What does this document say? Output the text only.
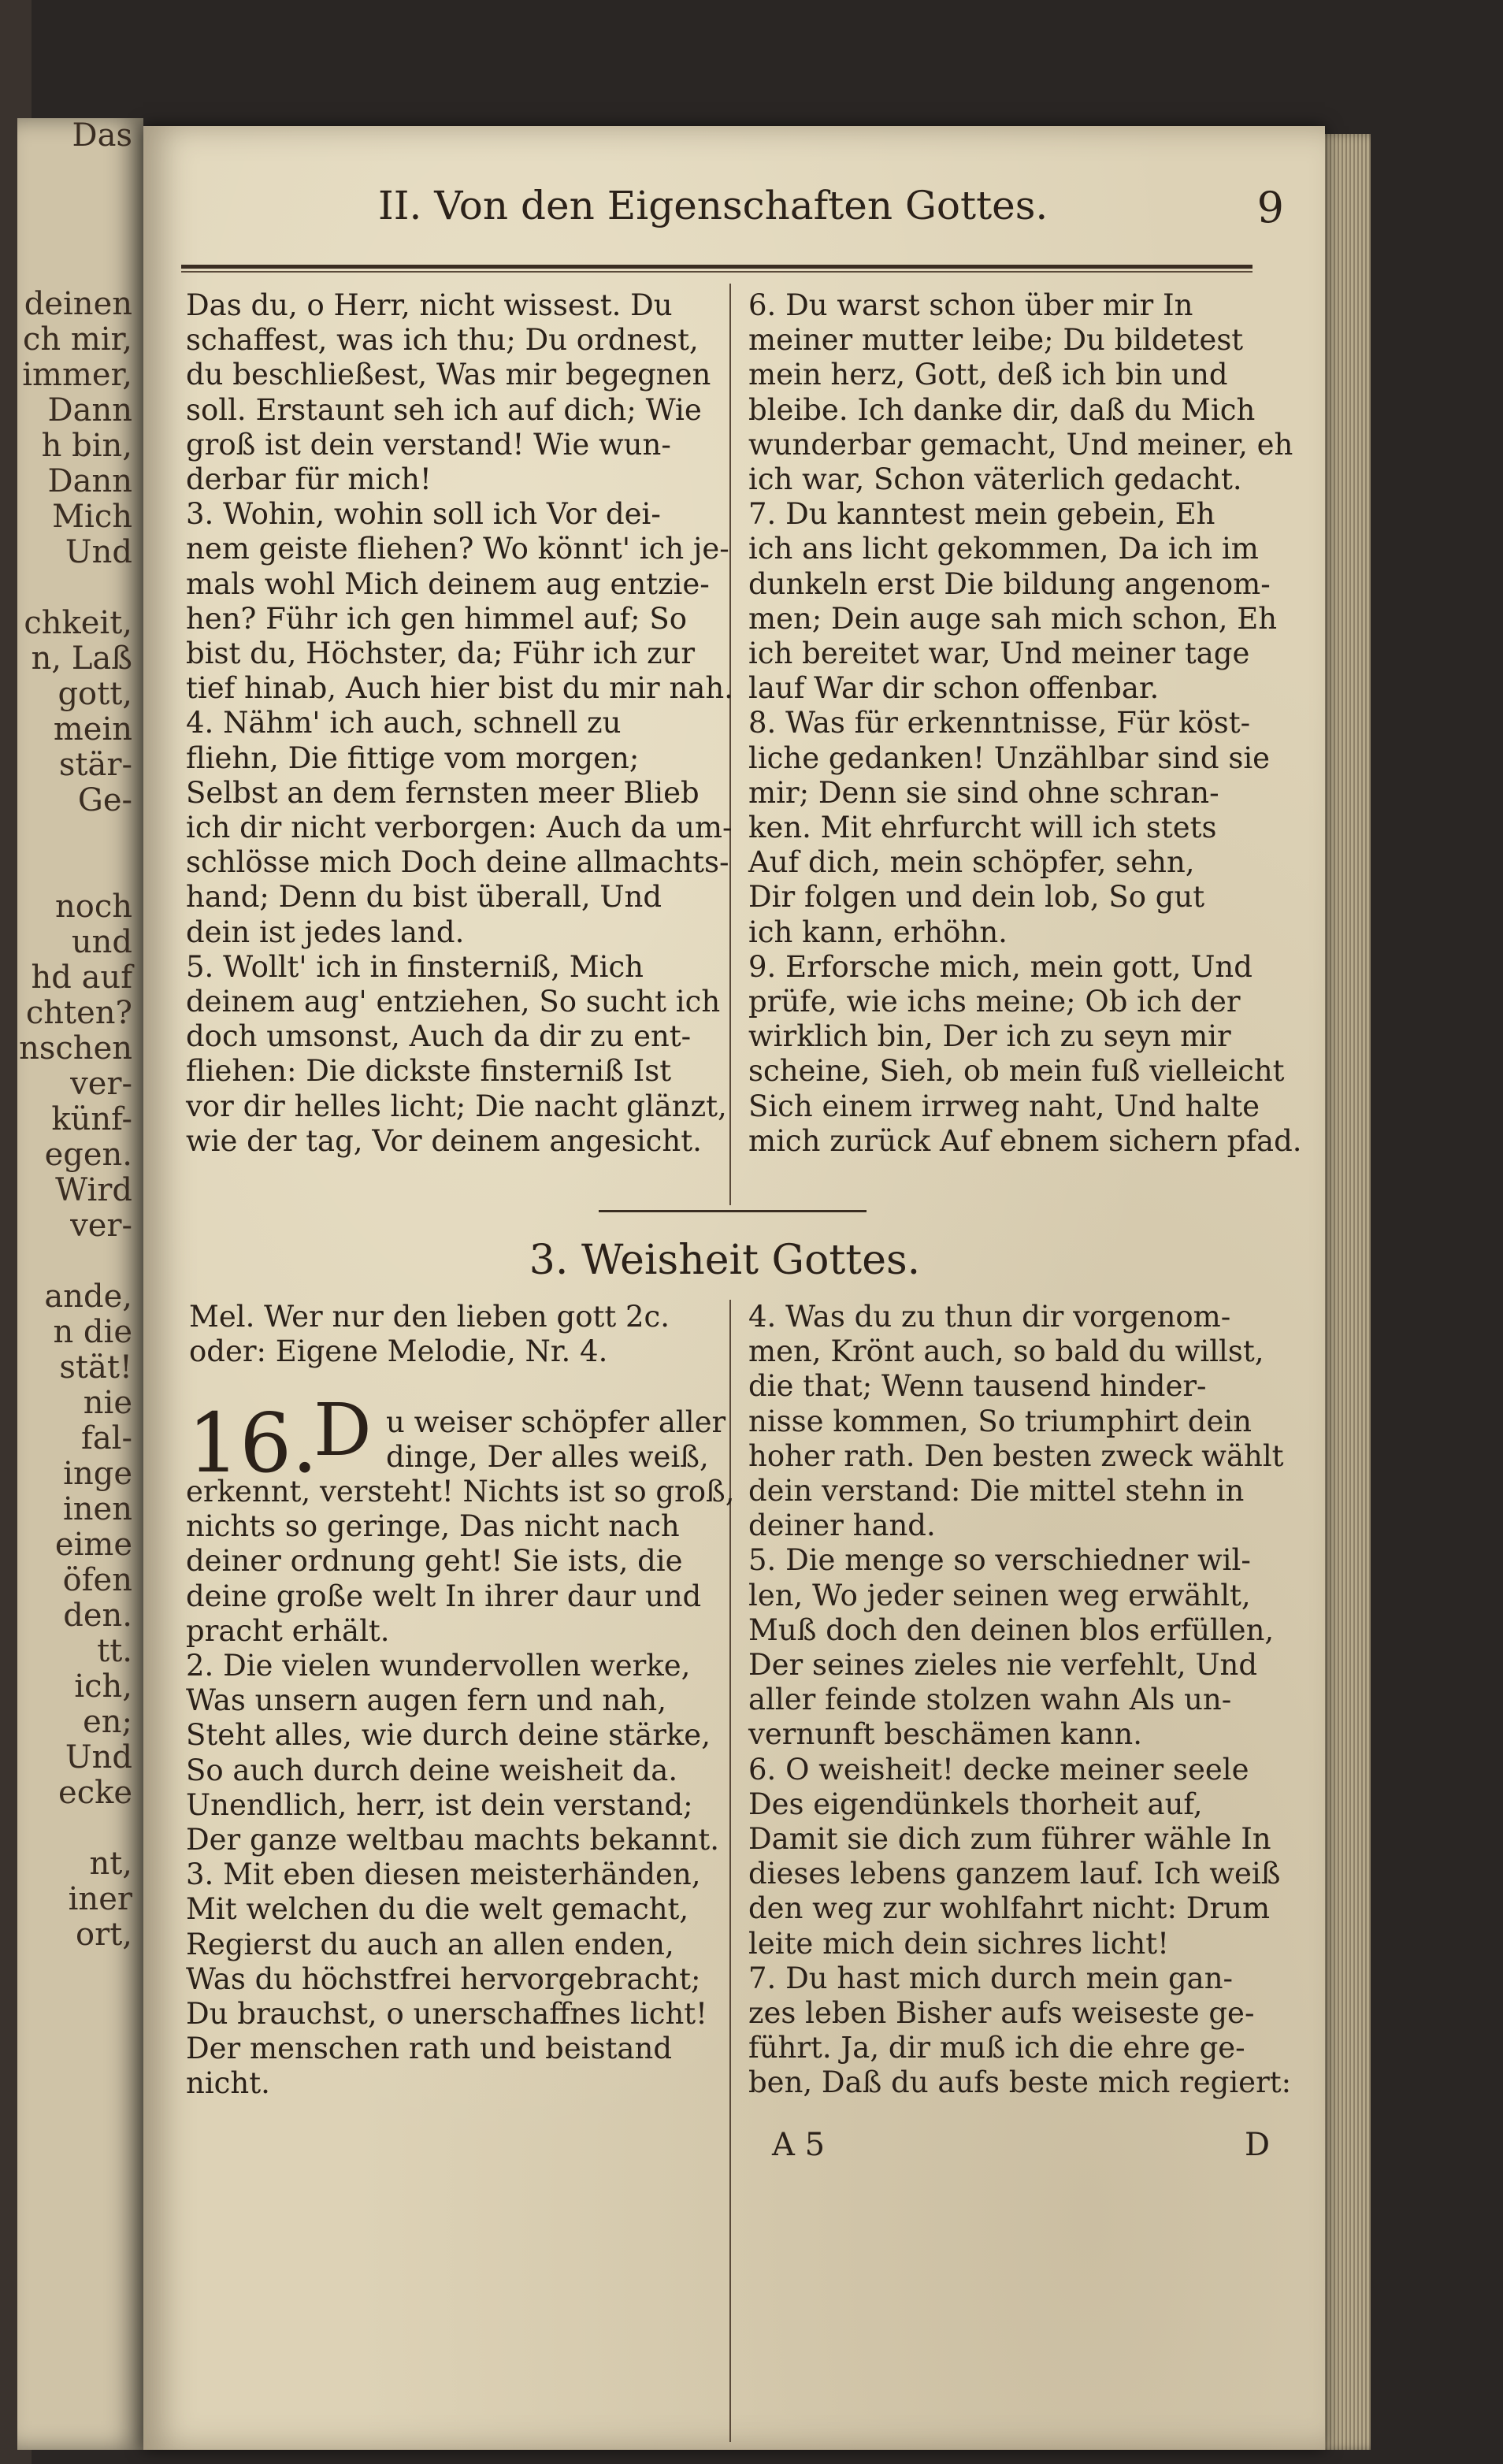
deinen
ch mir,
immer,
Dann
h bin,
Dann
Mich
Und
chkeit,
n, Laß
gott,
mein
stär-
Ge-
noch
und
hd auf
chten?
nschen
ver-
künf-
egen.
Wird
ver-
ande,
n die
stät!
nie
fal-
inge
inen
eime
öfen
den.
tt.
ich,
en;
Und
ecke
nt,
iner
ort,
Das
II. Von den Eigenschaften Gottes.	9

Das du, o Herr, nicht wissest. Du

schaffest, was ich thu; Du ordnest,

du beschließest, Was mir begegnen

soll. Erstaunt seh ich auf dich; Wie

groß ist dein verstand! Wie wun-

derbar für mich!

3. Wohin, wohin soll ich Vor dei-

nem geiste fliehen? Wo könnt' ich je-

mals wohl Mich deinem aug entzie-

hen? Führ ich gen himmel auf; So

bist du, Höchster, da; Führ ich zur

tief hinab, Auch hier bist du mir nah.

4. Nähm' ich auch, schnell zu

fliehn, Die fittige vom morgen;

Selbst an dem fernsten meer Blieb

ich dir nicht verborgen: Auch da um-

schlösse mich Doch deine allmachts-

hand; Denn du bist überall, Und

dein ist jedes land.

5. Wollt' ich in finsterniß, Mich

deinem aug' entziehen, So sucht ich

doch umsonst, Auch da dir zu ent-

fliehen: Die dickste finsterniß Ist

vor dir helles licht; Die nacht glänzt,

wie der tag, Vor deinem angesicht.

6. Du warst schon über mir In

meiner mutter leibe; Du bildetest

mein herz, Gott, deß ich bin und

bleibe. Ich danke dir, daß du Mich

wunderbar gemacht, Und meiner, eh

ich war, Schon väterlich gedacht.

7. Du kanntest mein gebein, Eh

ich ans licht gekommen, Da ich im

dunkeln erst Die bildung angenom-

men; Dein auge sah mich schon, Eh

ich bereitet war, Und meiner tage

lauf War dir schon offenbar.

8. Was für erkenntnisse, Für köst-

liche gedanken! Unzählbar sind sie

mir; Denn sie sind ohne schran-

ken. Mit ehrfurcht will ich stets

Auf dich, mein schöpfer, sehn,

Dir folgen und dein lob, So gut

ich kann, erhöhn.

9. Erforsche mich, mein gott, Und

prüfe, wie ichs meine; Ob ich der

wirklich bin, Der ich zu seyn mir

scheine, Sieh, ob mein fuß vielleicht

Sich einem irrweg naht, Und halte

mich zurück Auf ebnem sichern pfad.

3. Weisheit Gottes.

Mel. Wer nur den lieben gott 2c.

oder: Eigene Melodie, Nr. 4.

16.
D u weiser schöpfer aller

dinge, Der alles weiß,

erkennt, versteht! Nichts ist so groß,

nichts so geringe, Das nicht nach

deiner ordnung geht! Sie ists, die

deine große welt In ihrer daur und

pracht erhält.

2. Die vielen wundervollen werke,

Was unsern augen fern und nah,

Steht alles, wie durch deine stärke,

So auch durch deine weisheit da.

Unendlich, herr, ist dein verstand;

Der ganze weltbau machts bekannt.

3. Mit eben diesen meisterhänden,

Mit welchen du die welt gemacht,

Regierst du auch an allen enden,

Was du höchstfrei hervorgebracht;

Du brauchst, o unerschaffnes licht!

Der menschen rath und beistand

nicht.

4. Was du zu thun dir vorgenom-

men, Krönt auch, so bald du willst,

die that; Wenn tausend hinder-

nisse kommen, So triumphirt dein

hoher rath. Den besten zweck wählt

dein verstand: Die mittel stehn in

deiner hand.

5. Die menge so verschiedner wil-

len, Wo jeder seinen weg erwählt,

Muß doch den deinen blos erfüllen,

Der seines zieles nie verfehlt, Und

aller feinde stolzen wahn Als un-

vernunft beschämen kann.

6. O weisheit! decke meiner seele

Des eigendünkels thorheit auf,

Damit sie dich zum führer wähle In

dieses lebens ganzem lauf. Ich weiß

den weg zur wohlfahrt nicht: Drum

leite mich dein sichres licht!

7. Du hast mich durch mein gan-

zes leben Bisher aufs weiseste ge-

führt. Ja, dir muß ich die ehre ge-

ben, Daß du aufs beste mich regiert:

A 5	D
